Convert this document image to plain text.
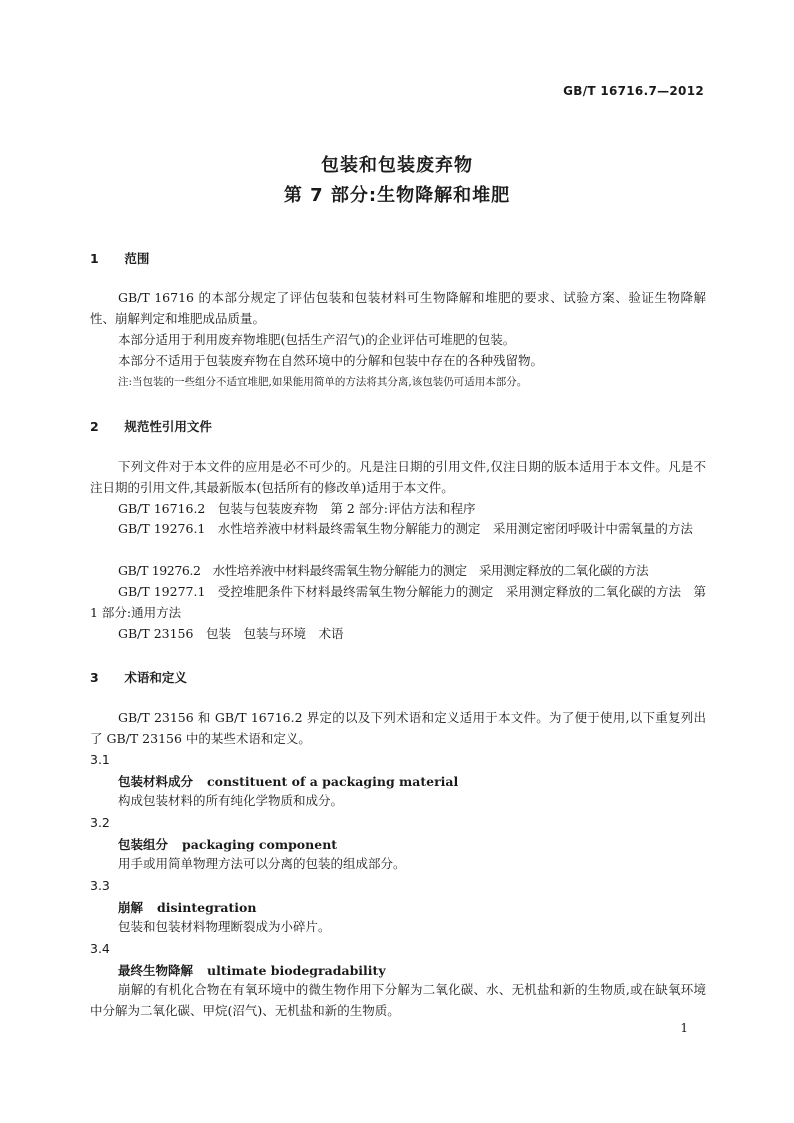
GB/T 16716.7—2012
包装和包装废弃物
第 7 部分:生物降解和堆肥
1 范围

GB/T 16716 的本部分规定了评估包装和包装材料可生物降解和堆肥的要求、试验方案、验证生物降解性、崩解判定和堆肥成品质量。

本部分适用于利用废弃物堆肥(包括生产沼气)的企业评估可堆肥的包装。

本部分不适用于包装废弃物在自然环境中的分解和包装中存在的各种残留物。

注:当包装的一些组分不适宜堆肥,如果能用简单的方法将其分离,该包装仍可适用本部分。
2 规范性引用文件

下列文件对于本文件的应用是必不可少的。凡是注日期的引用文件,仅注日期的版本适用于本文件。凡是不注日期的引用文件,其最新版本(包括所有的修改单)适用于本文件。

GB/T 16716.2　包装与包装废弃物　第 2 部分:评估方法和程序

GB/T 19276.1　水性培养液中材料最终需氧生物分解能力的测定　采用测定密闭呼吸计中需氧量的方法

GB/T 19276.2　水性培养液中材料最终需氧生物分解能力的测定　采用测定释放的二氧化碳的方法

GB/T 19277.1　受控堆肥条件下材料最终需氧生物分解能力的测定　采用测定释放的二氧化碳的方法　第 1 部分:通用方法

GB/T 23156　包装　包装与环境　术语

3 术语和定义

GB/T 23156 和 GB/T 16716.2 界定的以及下列术语和定义适用于本文件。为了便于使用,以下重复列出了 GB/T 23156 中的某些术语和定义。

3.1
包装材料成分 constituent of a packaging material

构成包装材料的所有纯化学物质和成分。

3.2
包装组分 packaging component

用手或用简单物理方法可以分离的包装的组成部分。

3.3
崩解 disintegration

包装和包装材料物理断裂成为小碎片。

3.4
最终生物降解 ultimate biodegradability

崩解的有机化合物在有氧环境中的微生物作用下分解为二氧化碳、水、无机盐和新的生物质,或在缺氧环境中分解为二氧化碳、甲烷(沼气)、无机盐和新的生物质。

1
